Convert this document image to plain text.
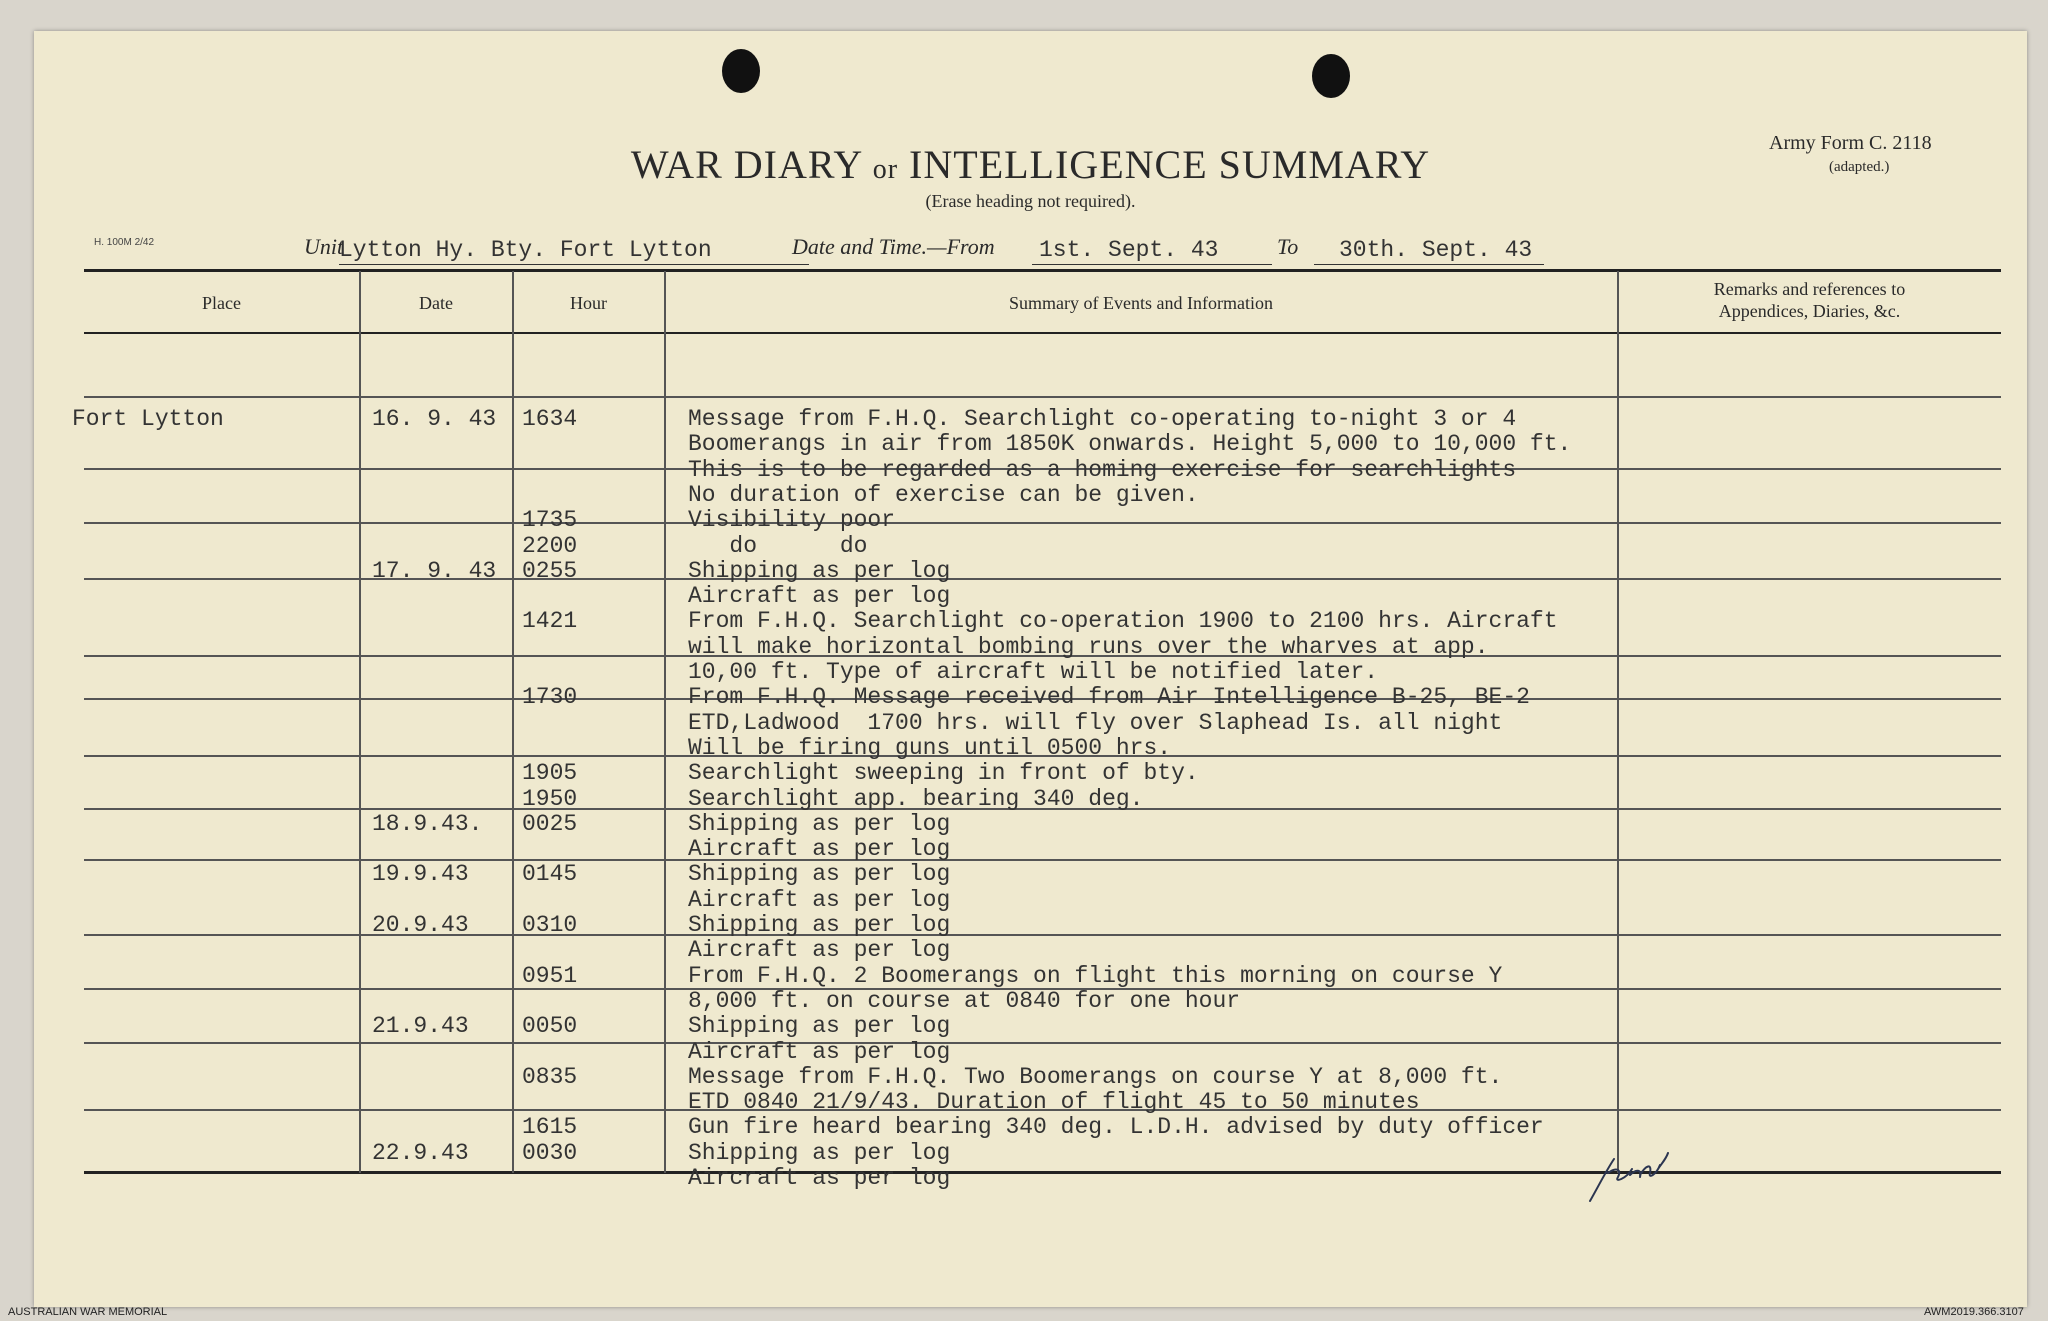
WAR DIARY or INTELLIGENCE SUMMARY
(Erase heading not required).
Army Form C. 2118
(adapted.)
H. 100M 2/42	Unit
Lytton Hy. Bty. Fort Lytton	Date and Time.—From 1st. Sept. 43	To 30th. Sept. 43
Place	Date	Hour	Summary of Events and Information
Remarks and references to
Appendices, Diaries, &c.
Fort Lytton	16. 9. 43 1634	Message from F.H.Q. Searchlight co-operating to-night 3 or 4
Boomerangs in air from 1850K onwards. Height 5,000 to 10,000 ft.
This is to be regarded as a homing exercise for searchlights
No duration of exercise can be given.
1735	Visibility poor
2200	do      do
17. 9. 43 0255	Shipping as per log
Aircraft as per log
1421	From F.H.Q. Searchlight co-operation 1900 to 2100 hrs. Aircraft
will make horizontal bombing runs over the wharves at app.
10,00 ft. Type of aircraft will be notified later.
1730	From F.H.Q. Message received from Air Intelligence B-25, BE-2
ETD,Ladwood  1700 hrs. will fly over Slaphead Is. all night
Will be firing guns until 0500 hrs.
1905	Searchlight sweeping in front of bty.
1950	Searchlight app. bearing 340 deg.
18.9.43. 0025	Shipping as per log
Aircraft as per log
19.9.43 0145	Shipping as per log
Aircraft as per log
20.9.43 0310	Shipping as per log
Aircraft as per log
0951	From F.H.Q. 2 Boomerangs on flight this morning on course Y
8,000 ft. on course at 0840 for one hour
21.9.43 0050	Shipping as per log
Aircraft as per log
0835	Message from F.H.Q. Two Boomerangs on course Y at 8,000 ft.
ETD 0840 21/9/43. Duration of flight 45 to 50 minutes
1615	Gun fire heard bearing 340 deg. L.D.H. advised by duty officer
22.9.43 0030	Shipping as per log
Aircraft as per log
AUSTRALIAN WAR MEMORIAL	AWM2019.366.3107
